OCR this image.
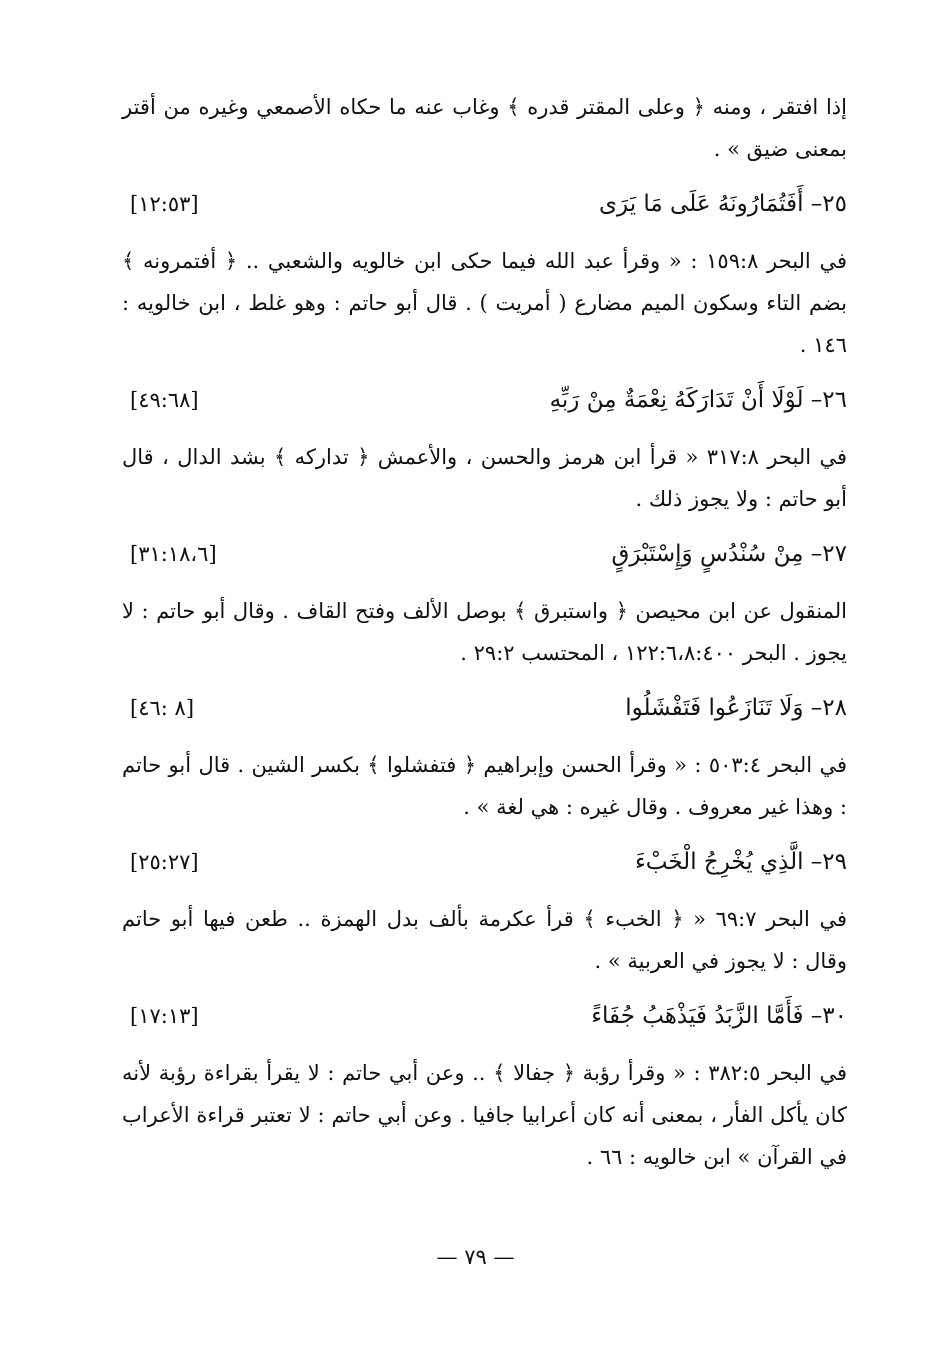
إذا افتقر ، ومنه ﴿ وعلى المقتر قدره ﴾ وغاب عنه ما حكاه الأصمعي وغيره من أقتر بمعنى ضيق » .

٢٥– أَفَتُمَارُونَهُ عَلَى مَا يَرَى
[١٢:٥٣]

في البحر ١٥٩:٨ : « وقرأ عبد الله فيما حكى ابن خالويه والشعبي .. ﴿ أفتمرونه ﴾ بضم التاء وسكون الميم مضارع ( أمريت ) . قال أبو حاتم : وهو غلط ، ابن خالويه : ١٤٦ .

٢٦– لَوْلَا أَنْ تَدَارَكَهُ نِعْمَةٌ مِنْ رَبِّهِ
[٤٩:٦٨]

في البحر ٣١٧:٨ « قرأ ابن هرمز والحسن ، والأعمش ﴿ تداركه ﴾ بشد الدال ، قال أبو حاتم : ولا يجوز ذلك .

٢٧– مِنْ سُنْدُسٍ وَإِسْتَبْرَقٍ
[٣١:١٨،٦]

المنقول عن ابن محيصن ﴿ واستبرق ﴾ بوصل الألف وفتح القاف . وقال أبو حاتم : لا يجوز . البحر ١٢٢:٦،٨:٤٠٠ ، المحتسب ٢٩:٢ .

٢٨– وَلَا تَنَازَعُوا فَتَفْشَلُوا
[٨ :٤٦]

في البحر ٥٠٣:٤ : « وقرأ الحسن وإبراهيم ﴿ فتفشلوا ﴾ بكسر الشين . قال أبو حاتم : وهذا غير معروف . وقال غيره : هي لغة » .

٢٩– الَّذِي يُخْرِجُ الْخَبْءَ
[٢٥:٢٧]

في البحر ٦٩:٧ « ﴿ الخبء ﴾ قرأ عكرمة بألف بدل الهمزة .. طعن فيها أبو حاتم وقال : لا يجوز في العربية » .

٣٠– فَأَمَّا الزَّبَدُ فَيَذْهَبُ جُفَاءً
[١٧:١٣]

في البحر ٣٨٢:٥ : « وقرأ رؤبة ﴿ جفالا ﴾ .. وعن أبي حاتم : لا يقرأ بقراءة رؤبة لأنه كان يأكل الفأر ، بمعنى أنه كان أعرابيا جافيا . وعن أبي حاتم : لا تعتبر قراءة الأعراب في القرآن » ابن خالويه : ٦٦ .

— ٧٩ —
